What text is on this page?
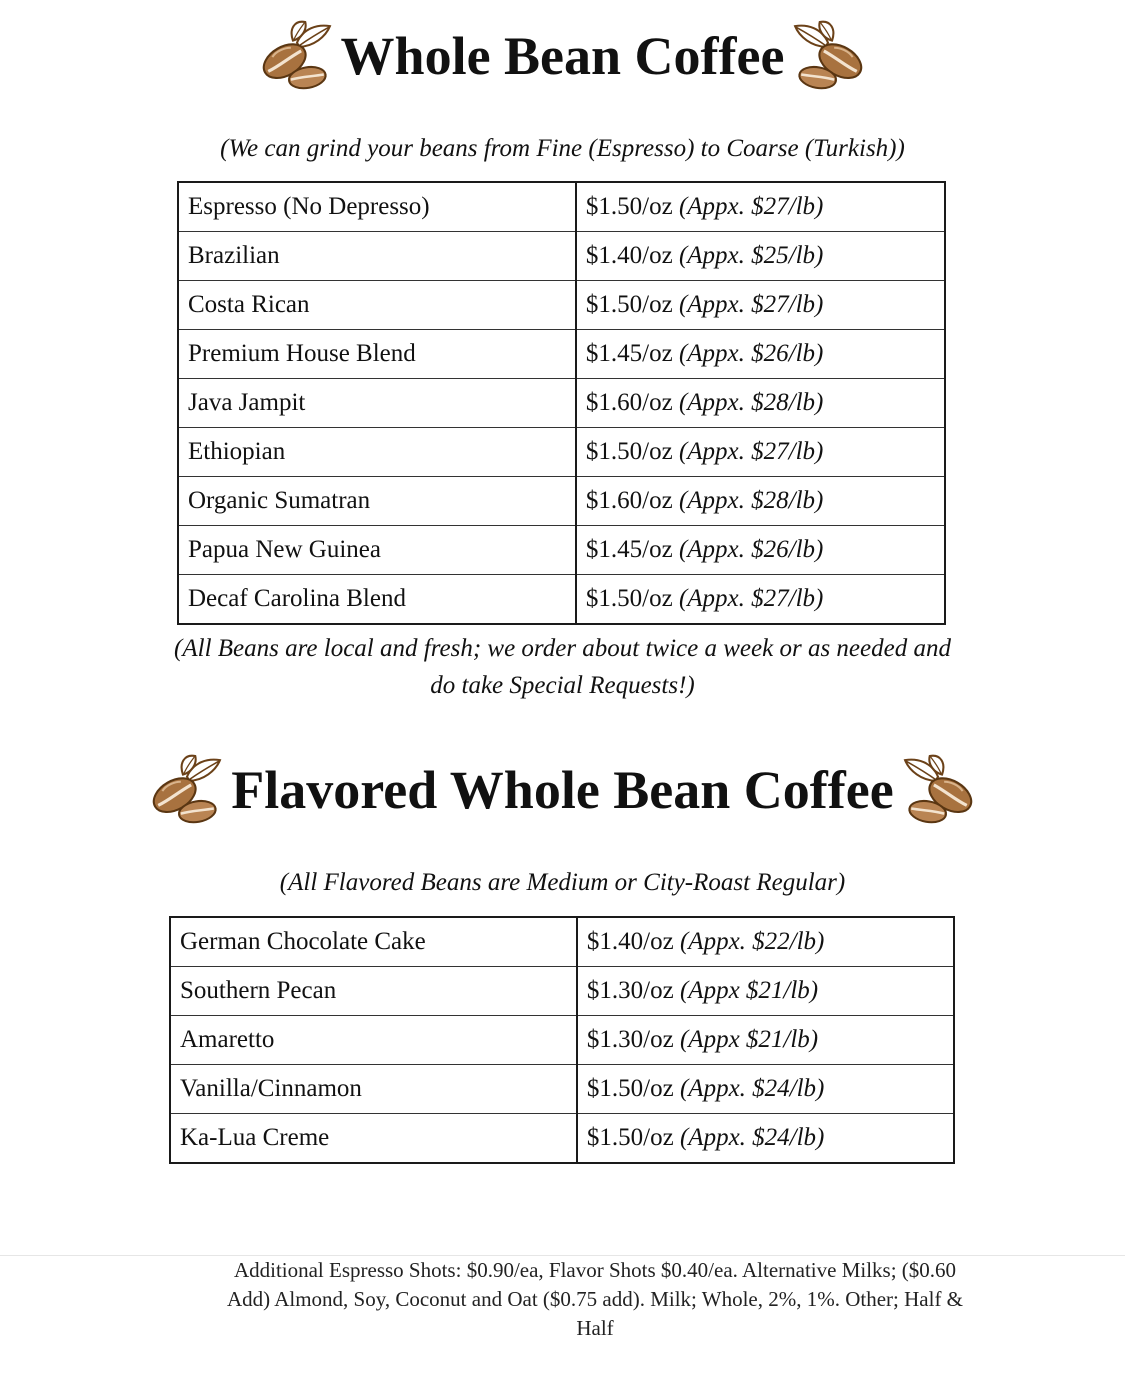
Whole Bean Coffee

(We can grind your beans from Fine (Espresso) to Coarse (Turkish))

Espresso (No Depresso)	$1.50/oz (Appx. $27/lb)
Brazilian	$1.40/oz (Appx. $25/lb)
Costa Rican	$1.50/oz (Appx. $27/lb)
Premium House Blend	$1.45/oz (Appx. $26/lb)
Java Jampit	$1.60/oz (Appx. $28/lb)
Ethiopian	$1.50/oz (Appx. $27/lb)
Organic Sumatran	$1.60/oz (Appx. $28/lb)
Papua New Guinea	$1.45/oz (Appx. $26/lb)
Decaf Carolina Blend	$1.50/oz (Appx. $27/lb)

(All Beans are local and fresh; we order about twice a week or as needed and
do take Special Requests!)

Flavored Whole Bean Coffee

(All Flavored Beans are Medium or City-Roast Regular)

German Chocolate Cake	$1.40/oz (Appx. $22/lb)
Southern Pecan	$1.30/oz (Appx $21/lb)
Amaretto	$1.30/oz (Appx $21/lb)
Vanilla/Cinnamon	$1.50/oz (Appx. $24/lb)
Ka-Lua Creme	$1.50/oz (Appx. $24/lb)

Additional Espresso Shots: $0.90/ea, Flavor Shots $0.40/ea. Alternative Milks; ($0.60
Add) Almond, Soy, Coconut and Oat ($0.75 add). Milk; Whole, 2%, 1%. Other; Half &
Half
